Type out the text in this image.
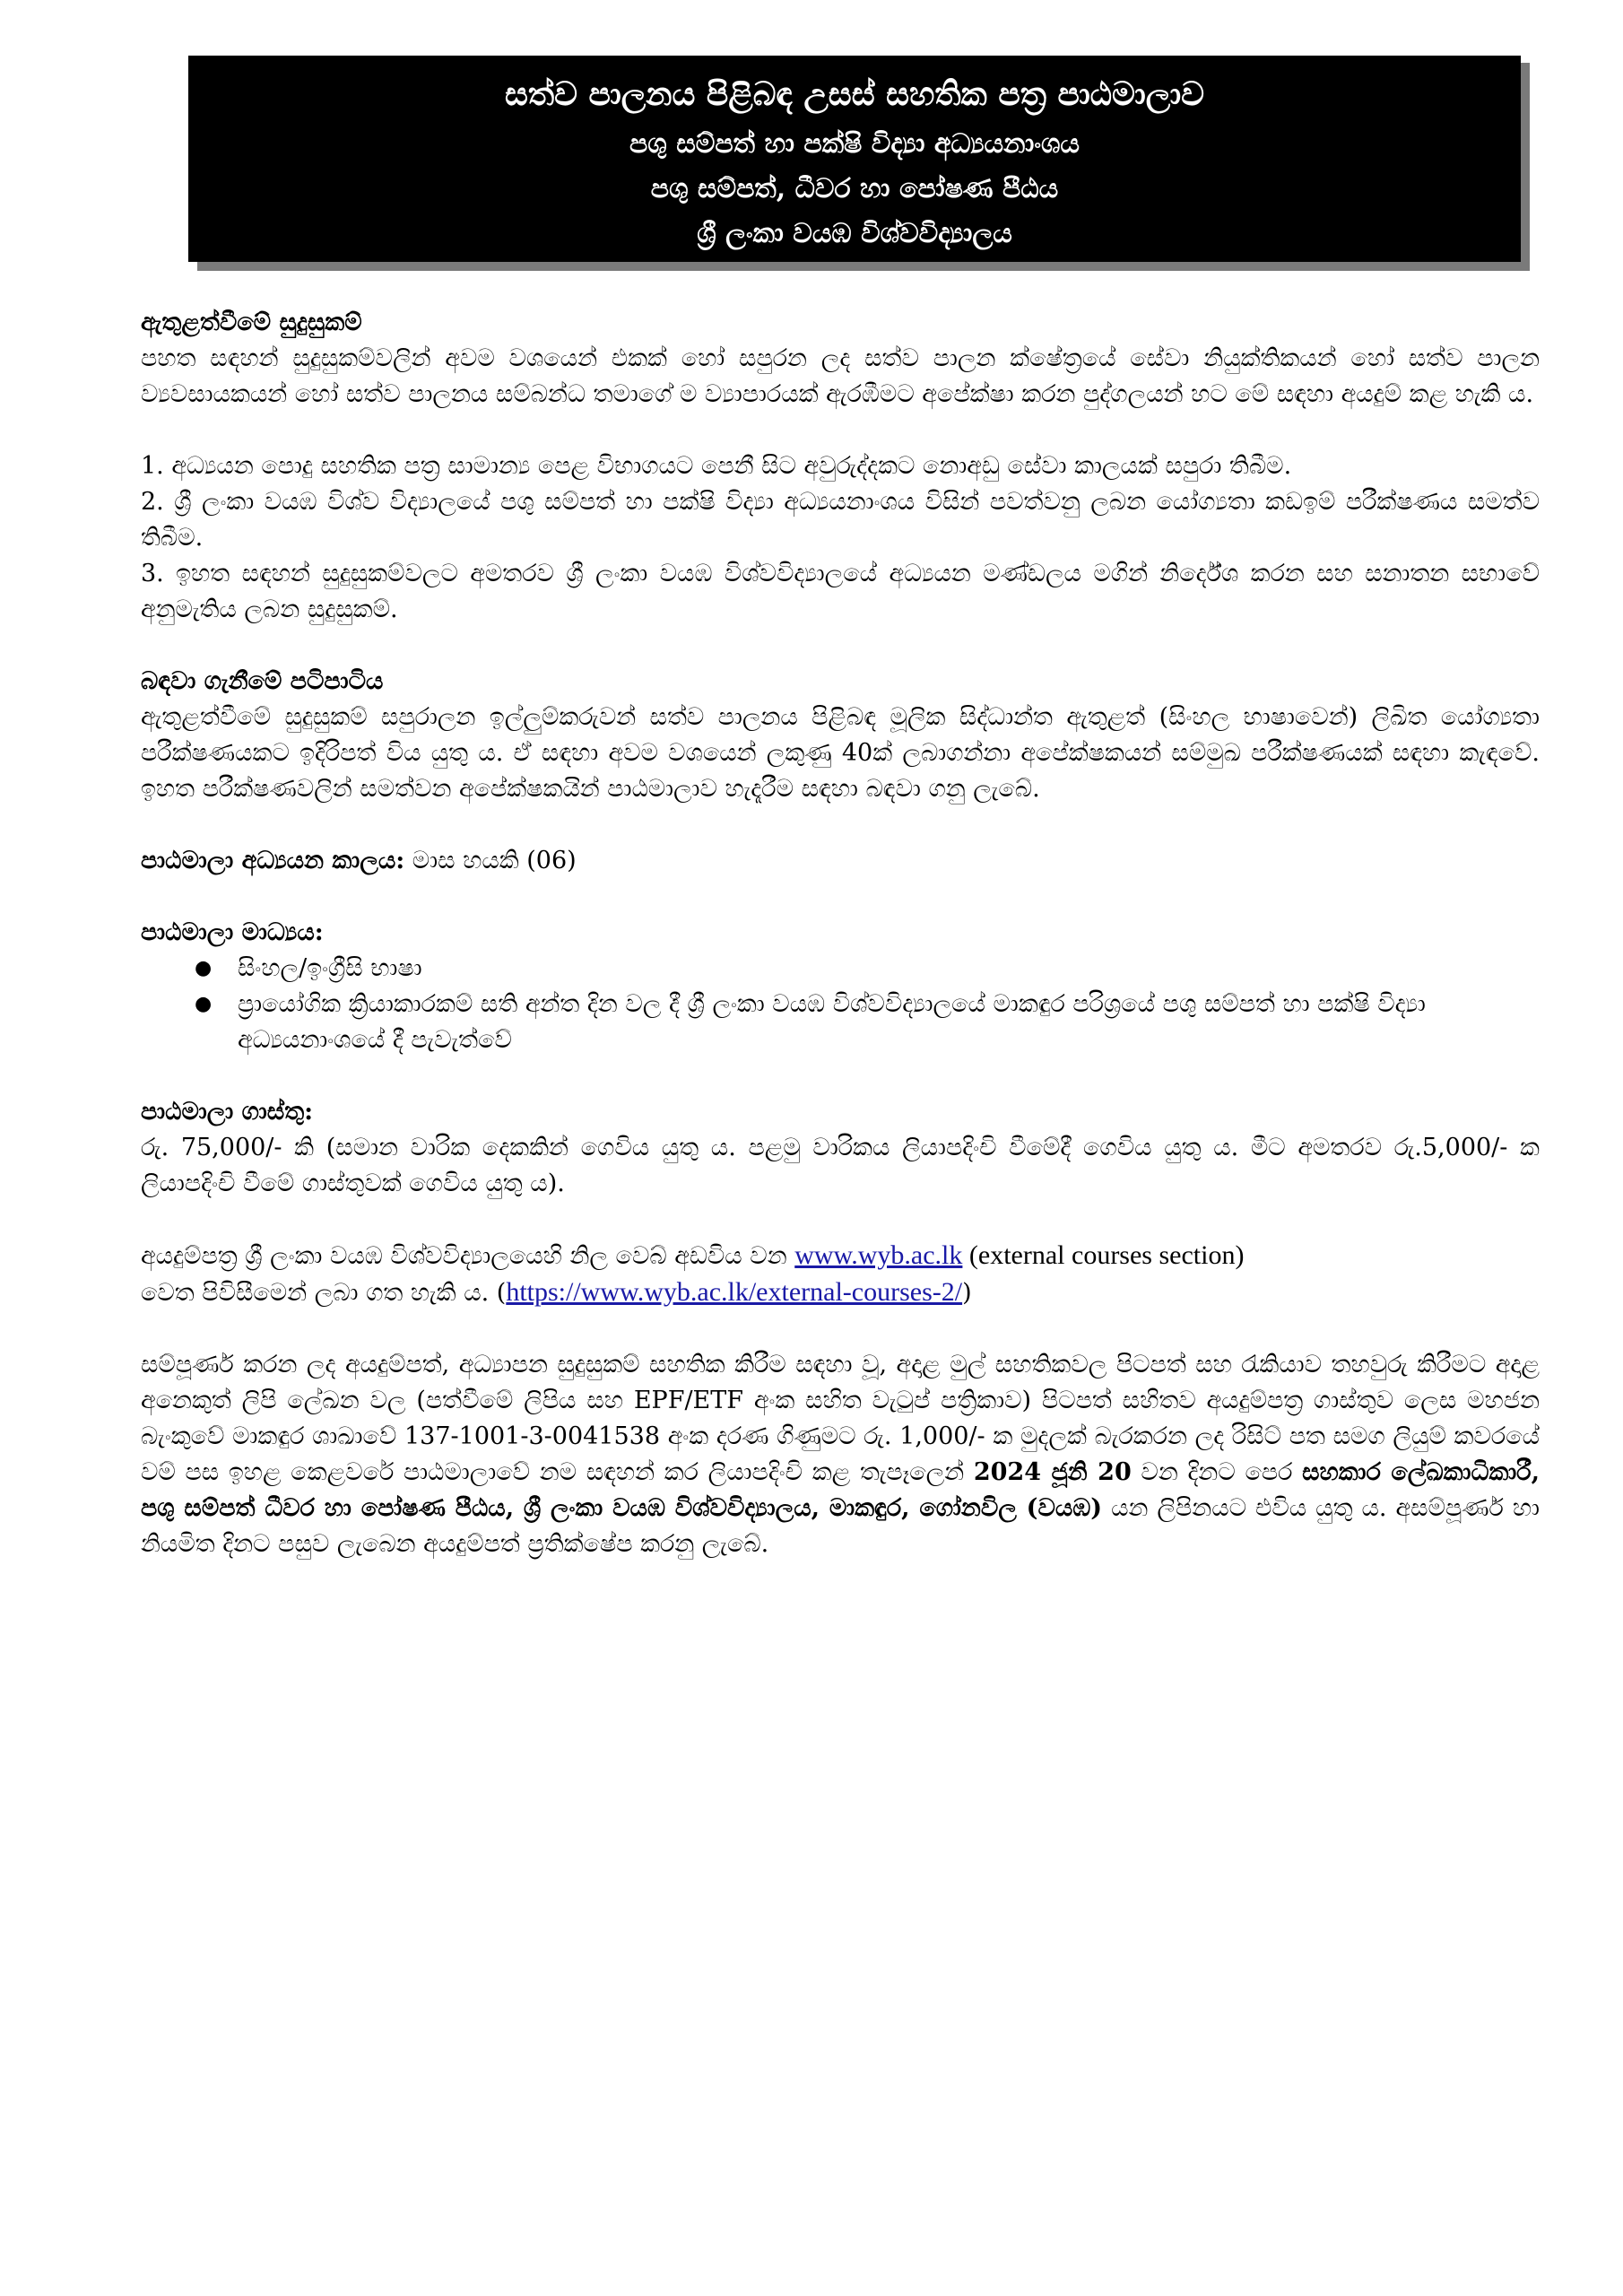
සත්ව පාලනය පිළිබඳ උසස් සහතික පත්‍ර පාඨමාලාව
පශු සම්පත් හා පක්ෂි විද්‍යා අධ්‍යයනාංශය
පශු සම්පත්, ධීවර හා පෝෂණ පීඨය
ශ්‍රී ලංකා වයඹ විශ්වවිද්‍යාලය

ඇතුළත්වීමේ සුදුසුකම්

පහත සඳහන් සුදුසුකම්වලින් අවම වශයෙන් එකක් හෝ සපුරන ලද සත්ව පාලන ක්ෂේත්‍රයේ සේවා නියුක්තිකයන් හෝ සත්ව පාලන ව්‍යවසායකයන් හෝ සත්ව පාලනය සම්බන්ධ තමාගේ ම ව්‍යාපාරයක් ඇරඹීමට අපේක්ෂා කරන පුද්ගලයන් හට මේ සඳහා අයදුම් කළ හැකි ය.

1. අධ්‍යයන පොදු සහතික පත්‍ර සාමාන්‍ය පෙළ විභාගයට පෙනී සිට අවුරුද්දකට නොඅඩු සේවා කාලයක් සපුරා තිබීම.

2. ශ්‍රී ලංකා වයඹ විශ්ව විද්‍යාලයේ පශු සම්පත් හා පක්ෂි විද්‍යා අධ්‍යයනාංශය විසින් පවත්වනු ලබන යෝග්‍යතා කඩඉම් පරීක්ෂණය සමත්ව තිබීම.

3. ඉහත සඳහන් සුදුසුකම්වලට අමතරව ශ්‍රී ලංකා වයඹ විශ්වවිද්‍යාලයේ අධ්‍යයන මණ්ඩලය මගින් නිර්දේශ කරන සහ සනාතන සභාවේ අනුමැතිය ලබන සුදුසුකම්.

බඳවා ගැනීමේ පටිපාටිය

ඇතුළත්වීමේ සුදුසුකම් සපුරාලන ඉල්ලුම්කරුවන් සත්ව පාලනය පිළිබඳ මූලික සිද්ධාන්ත ඇතුළත් (සිංහල භාෂාවෙන්) ලිඛිත යෝග්‍යතා පරීක්ෂණයකට ඉදිරිපත් විය යුතු ය. ඒ සඳහා අවම වශයෙන් ලකුණු 40ක් ලබාගන්නා අපේක්ෂකයන් සම්මුඛ පරීක්ෂණයක් සඳහා කැඳවේ. ඉහත පරීක්ෂණවලින් සමත්වන අපේක්ෂකයින් පාඨමාලාව හැදෑරීම සඳහා බඳවා ගනු ලැබේ.

පාඨමාලා අධ්‍යයන කාලය: මාස හයකි (06)

පාඨමාලා මාධ්‍යය:

● සිංහල/ඉංග්‍රීසි භාෂා
● ප්‍රායෝගික ක්‍රියාකාරකම් සති අන්ත දින වල දී ශ්‍රී ලංකා වයඹ විශ්වවිද්‍යාලයේ මාකඳුර පරිශ්‍රයේ පශු සම්පත් හා පක්ෂි විද්‍යා අධ්‍යයනාංශයේ දී පැවැත්වේ

පාඨමාලා ගාස්තු:

රු. 75,000/- කි (සමාන වාරික දෙකකින් ගෙවිය යුතු ය. පළමු වාරිකය ලියාපදිංචි වීමේදී ගෙවිය යුතු ය. මීට අමතරව රු.5,000/- ක ලියාපදිංචි වීමේ ගාස්තුවක් ගෙවිය යුතු ය).

අයදුම්පත්‍ර ශ්‍රී ලංකා වයඹ විශ්වවිද්‍යාලයෙහි නිල වෙබ් අඩවිය වන www.wyb.ac.lk (external courses section)
වෙත පිවිසීමෙන් ලබා ගත හැකි ය. (https://www.wyb.ac.lk/external-courses-2/)

සම්පූර්ණ කරන ලද අයදුම්පත්, අධ්‍යාපන සුදුසුකම් සහතික කිරීම සඳහා වූ, අදාළ මුල් සහතිකවල පිටපත් සහ රැකියාව තහවුරු කිරීමට අදාළ අනෙකුත් ලිපි ලේඛන වල (පත්වීමේ ලිපිය සහ EPF/ETF අංක සහිත වැටුප් පත්‍රිකාව) පිටපත් සහිතව අයදුම්පත්‍ර ගාස්තුව ලෙස මහජන බැංකුවේ මාකඳුර ශාඛාවේ 137-1001-3-0041538 අංක දරණ ගිණුමට රු. 1,000/- ක මුදලක් බැරකරන ලද රිසිට් පත සමග ලියුම් කවරයේ වම් පස ඉහළ කෙළවරේ පාඨමාලාවේ නම සඳහන් කර ලියාපදිංචි කළ තැපෑලෙන් 2024 ජූනි 20 වන දිනට පෙර සහකාර ලේඛකාධිකාරී, පශු සම්පත් ධීවර හා පෝෂණ පීඨය, ශ්‍රී ලංකා වයඹ විශ්වවිද්‍යාලය, මාකඳුර, ගෝනවිල (වයඹ) යන ලිපිනයට එවිය යුතු ය. අසම්පූර්ණ හා නියමිත දිනට පසුව ලැබෙන අයදුම්පත් ප්‍රතික්ෂේප කරනු ලැබේ.
